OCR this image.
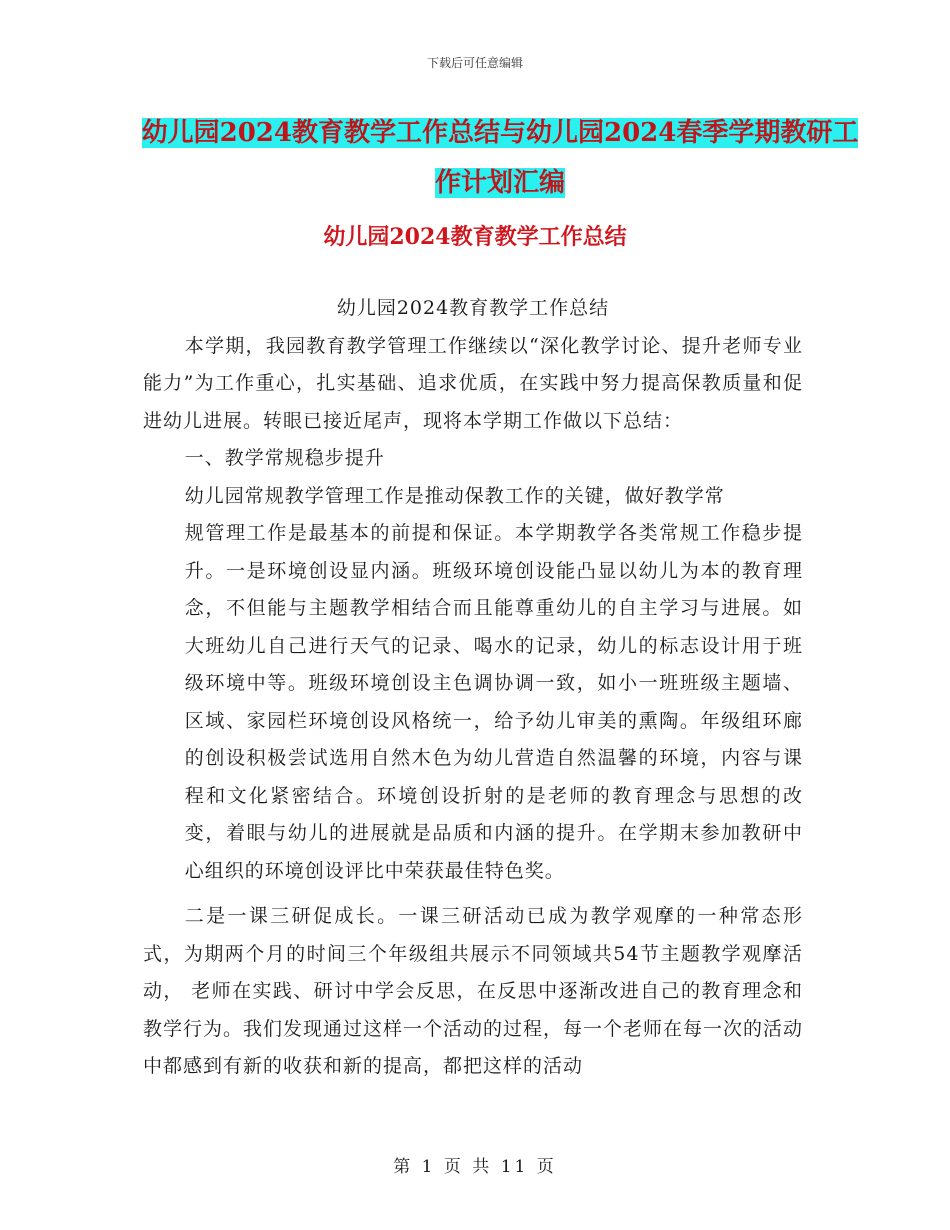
下载后可任意编辑
幼儿园2024教育教学工作总结与幼儿园2024春季学期教研工作计划汇编
幼儿园2024教育教学工作总结

幼儿园2024教育教学工作总结

本学期，我园教育教学管理工作继续以“深化教学讨论、提升老师专业能力”为工作重心，扎实基础、追求优质，在实践中努力提高保教质量和促进幼儿进展。转眼已接近尾声，现将本学期工作做以下总结：

一、教学常规稳步提升

幼儿园常规教学管理工作是推动保教工作的关键，做好教学常

规管理工作是最基本的前提和保证。本学期教学各类常规工作稳步提升。一是环境创设显内涵。班级环境创设能凸显以幼儿为本的教育理念，不但能与主题教学相结合而且能尊重幼儿的自主学习与进展。如大班幼儿自己进行天气的记录、喝水的记录，幼儿的标志设计用于班级环境中等。班级环境创设主色调协调一致，如小一班班级主题墙、区域、家园栏环境创设风格统一，给予幼儿审美的熏陶。年级组环廊的创设积极尝试选用自然木色为幼儿营造自然温馨的环境，内容与课程和文化紧密结合。环境创设折射的是老师的教育理念与思想的改变，着眼与幼儿的进展就是品质和内涵的提升。在学期末参加教研中心组织的环境创设评比中荣获最佳特色奖。

二是一课三研促成长。一课三研活动已成为教学观摩的一种常态形式，为期两个月的时间三个年级组共展示不同领域共54节主题教学观摩活动， 老师在实践、研讨中学会反思，在反思中逐渐改进自己的教育理念和教学行为。我们发现通过这样一个活动的过程，每一个老师在每一次的活动中都感到有新的收获和新的提高，都把这样的活动

第 1 页 共 11 页
